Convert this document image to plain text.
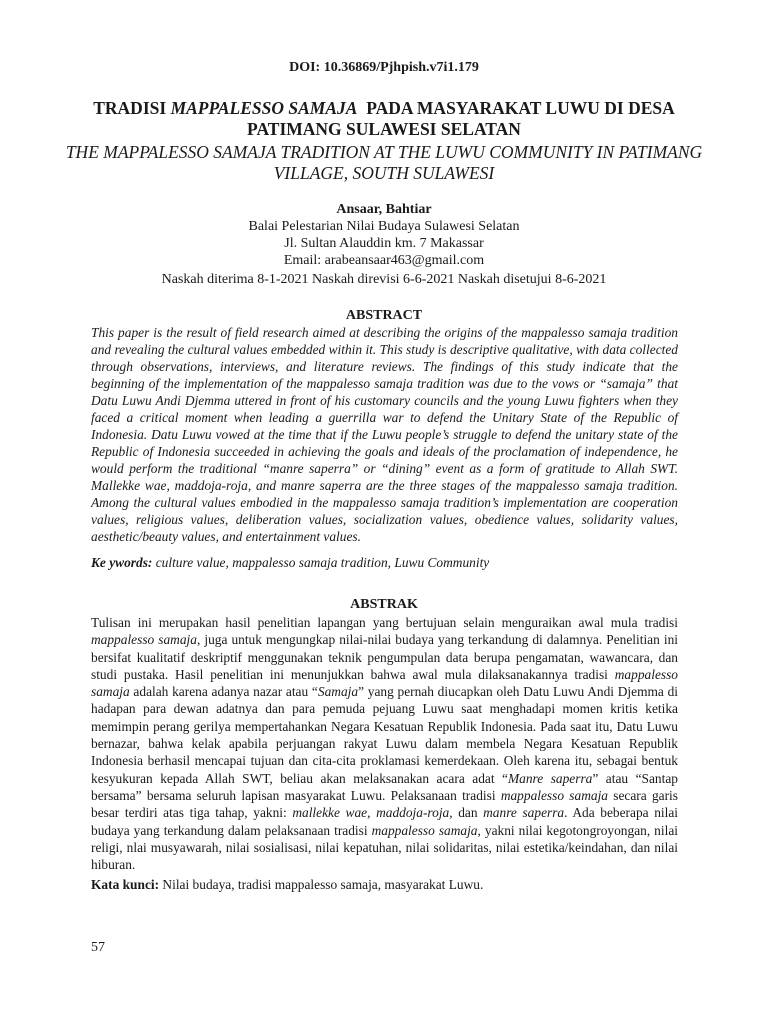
DOI: 10.36869/Pjhpish.v7i1.179
TRADISI MAPPALESSO SAMAJA  PADA MASYARAKAT LUWU DI DESA PATIMANG SULAWESI SELATAN
THE MAPPALESSO SAMAJA TRADITION AT THE LUWU COMMUNITY IN PATIMANG VILLAGE, SOUTH SULAWESI
Ansaar, Bahtiar
Balai Pelestarian Nilai Budaya Sulawesi Selatan
Jl. Sultan Alauddin km. 7 Makassar
Email: arabeansaar463@gmail.com
Naskah diterima 8-1-2021 Naskah direvisi 6-6-2021 Naskah disetujui 8-6-2021
ABSTRACT

This paper is the result of field research aimed at describing the origins of the mappalesso samaja tradition and revealing the cultural values embedded within it. This study is descriptive qualitative, with data collected through observations, interviews, and literature reviews. The findings of this study indicate that the beginning of the implementation of the mappalesso samaja tradition was due to the vows or “samaja” that Datu Luwu Andi Djemma uttered in front of his customary councils and the young Luwu fighters when they faced a critical moment when leading a guerrilla war to defend the Unitary State of the Republic of Indonesia. Datu Luwu vowed at the time that if the Luwu people’s struggle to defend the unitary state of the Republic of Indonesia succeeded in achieving the goals and ideals of the proclamation of independence, he would perform the traditional “manre saperra” or “dining” event as a form of gratitude to Allah SWT. Mallekke wae, maddoja-roja, and manre saperra are the three stages of the mappalesso samaja tradition. Among the cultural values embodied in the mappalesso samaja tradition’s implementation are cooperation values, religious values, deliberation values, socialization values, obedience values, solidarity values, aesthetic/beauty values, and entertainment values.

Ke ywords: culture value, mappalesso samaja tradition, Luwu Community
ABSTRAK

Tulisan ini merupakan hasil penelitian lapangan yang bertujuan selain menguraikan awal mula tradisi mappalesso samaja, juga untuk mengungkap nilai-nilai budaya yang terkandung di dalamnya. Penelitian ini bersifat kualitatif deskriptif menggunakan teknik pengumpulan data berupa pengamatan, wawancara, dan studi pustaka. Hasil penelitian ini menunjukkan bahwa awal mula dilaksanakannya tradisi mappalesso samaja adalah karena adanya nazar atau “Samaja” yang pernah diucapkan oleh Datu Luwu Andi Djemma di hadapan para dewan adatnya dan para pemuda pejuang Luwu saat menghadapi momen kritis ketika memimpin perang gerilya mempertahankan Negara Kesatuan Republik Indonesia. Pada saat itu, Datu Luwu bernazar, bahwa kelak apabila perjuangan rakyat Luwu dalam membela Negara Kesatuan Republik Indonesia berhasil mencapai tujuan dan cita-cita proklamasi kemerdekaan. Oleh karena itu, sebagai bentuk kesyukuran kepada Allah SWT, beliau akan melaksanakan acara adat “Manre saperra” atau “Santap bersama” bersama seluruh lapisan masyarakat Luwu. Pelaksanaan tradisi mappalesso samaja secara garis besar terdiri atas tiga tahap, yakni: mallekke wae, maddoja-roja, dan manre saperra. Ada beberapa nilai budaya yang terkandung dalam pelaksanaan tradisi mappalesso samaja, yakni nilai kegotongroyongan, nilai religi, nlai musyawarah, nilai sosialisasi, nilai kepatuhan, nilai solidaritas, nilai estetika/keindahan, dan nilai hiburan.

Kata kunci: Nilai budaya, tradisi mappalesso samaja, masyarakat Luwu.
57
